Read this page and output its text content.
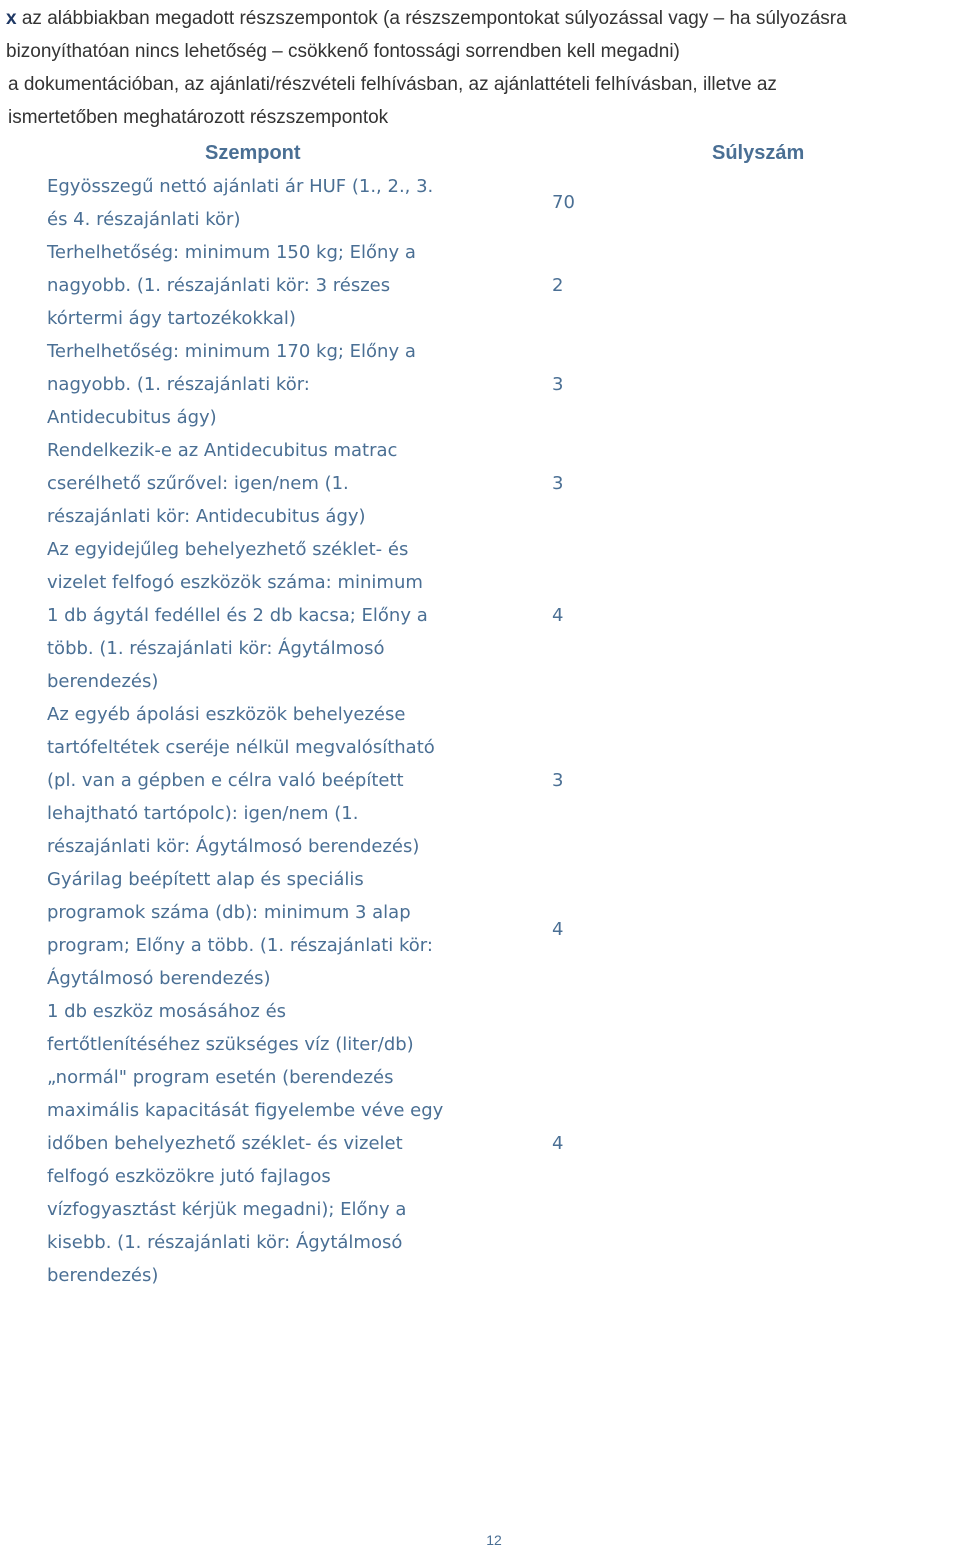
x az alábbiakban megadott részszempontok (a részszempontokat súlyozással vagy – ha súlyozásra
bizonyíthatóan nincs lehetőség – csökkenő fontossági sorrendben kell megadni)
a dokumentációban, az ajánlati/részvételi felhívásban, az ajánlattételi felhívásban, illetve az
ismertetőben meghatározott részszempontok
Szempont	Súlyszám
Egyösszegű nettó ajánlati ár HUF (1., 2., 3.
és 4. részajánlati kör)
70
Terhelhetőség: minimum 150 kg; Előny a
nagyobb. (1. részajánlati kör: 3 részes
kórtermi ágy tartozékokkal)
2
Terhelhetőség: minimum 170 kg; Előny a
nagyobb. (1. részajánlati kör:
Antidecubitus ágy)
3
Rendelkezik-e az Antidecubitus matrac
cserélhető szűrővel: igen/nem (1.
részajánlati kör: Antidecubitus ágy)
3
Az egyidejűleg behelyezhető széklet- és
vizelet felfogó eszközök száma: minimum
1 db ágytál fedéllel és 2 db kacsa; Előny a
több. (1. részajánlati kör: Ágytálmosó
berendezés)
4
Az egyéb ápolási eszközök behelyezése
tartófeltétek cseréje nélkül megvalósítható
(pl. van a gépben e célra való beépített
lehajtható tartópolc): igen/nem (1.
részajánlati kör: Ágytálmosó berendezés)
3
Gyárilag beépített alap és speciális
programok száma (db): minimum 3 alap
program; Előny a több. (1. részajánlati kör:
Ágytálmosó berendezés)
4
1 db eszköz mosásához és
fertőtlenítéséhez szükséges víz (liter/db)
„normál" program esetén (berendezés
maximális kapacitását figyelembe véve egy
időben behelyezhető széklet- és vizelet
felfogó eszközökre jutó fajlagos
vízfogyasztást kérjük megadni); Előny a
kisebb. (1. részajánlati kör: Ágytálmosó
berendezés)
4
12
